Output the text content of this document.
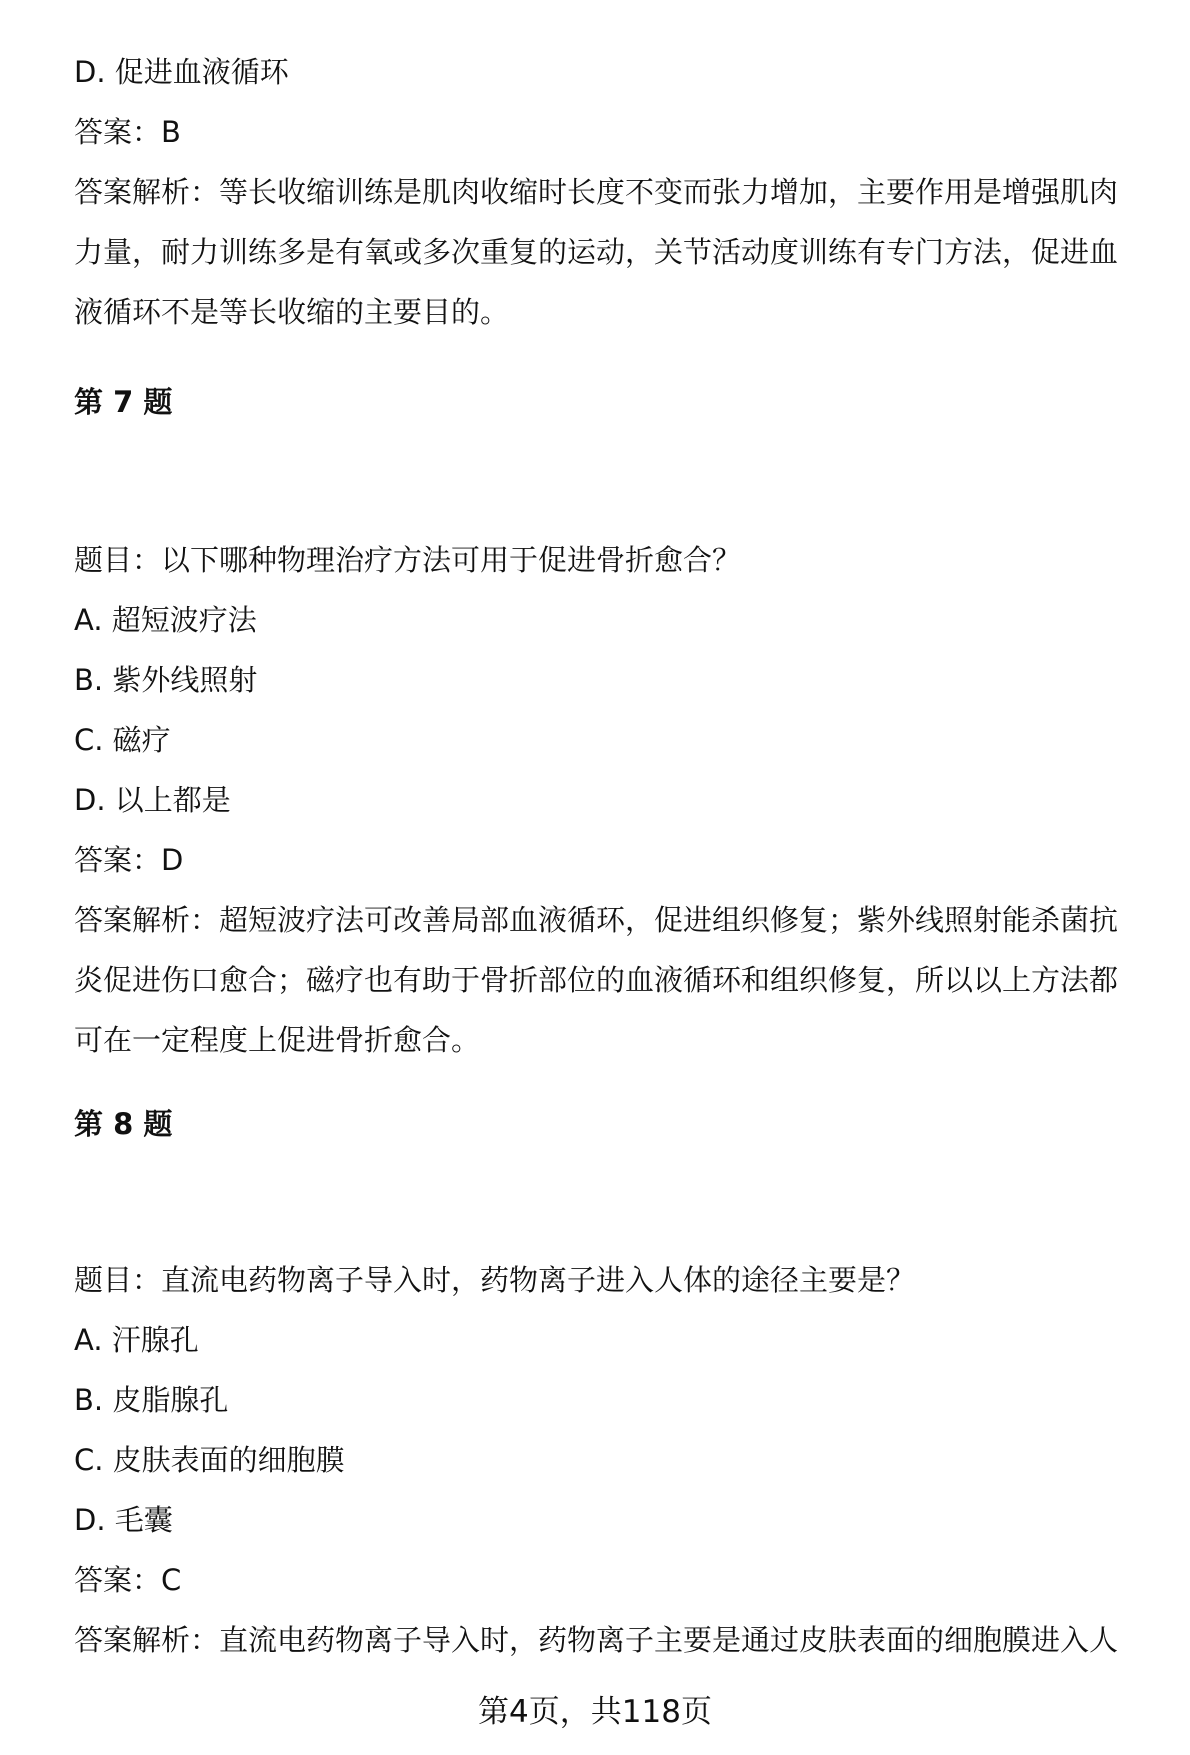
D. 促进血液循环
答案：B
答案解析：等长收缩训练是肌肉收缩时长度不变而张力增加，主要作用是增强肌肉
力量，耐力训练多是有氧或多次重复的运动，关节活动度训练有专门方法，促进血
液循环不是等长收缩的主要目的。
第 7 题
题目：以下哪种物理治疗方法可用于促进骨折愈合？
A. 超短波疗法
B. 紫外线照射
C. 磁疗
D. 以上都是
答案：D
答案解析：超短波疗法可改善局部血液循环，促进组织修复；紫外线照射能杀菌抗
炎促进伤口愈合；磁疗也有助于骨折部位的血液循环和组织修复，所以以上方法都
可在一定程度上促进骨折愈合。
第 8 题
题目：直流电药物离子导入时，药物离子进入人体的途径主要是？
A. 汗腺孔
B. 皮脂腺孔
C. 皮肤表面的细胞膜
D. 毛囊
答案：C
答案解析：直流电药物离子导入时，药物离子主要是通过皮肤表面的细胞膜进入人
第4页，共118页
